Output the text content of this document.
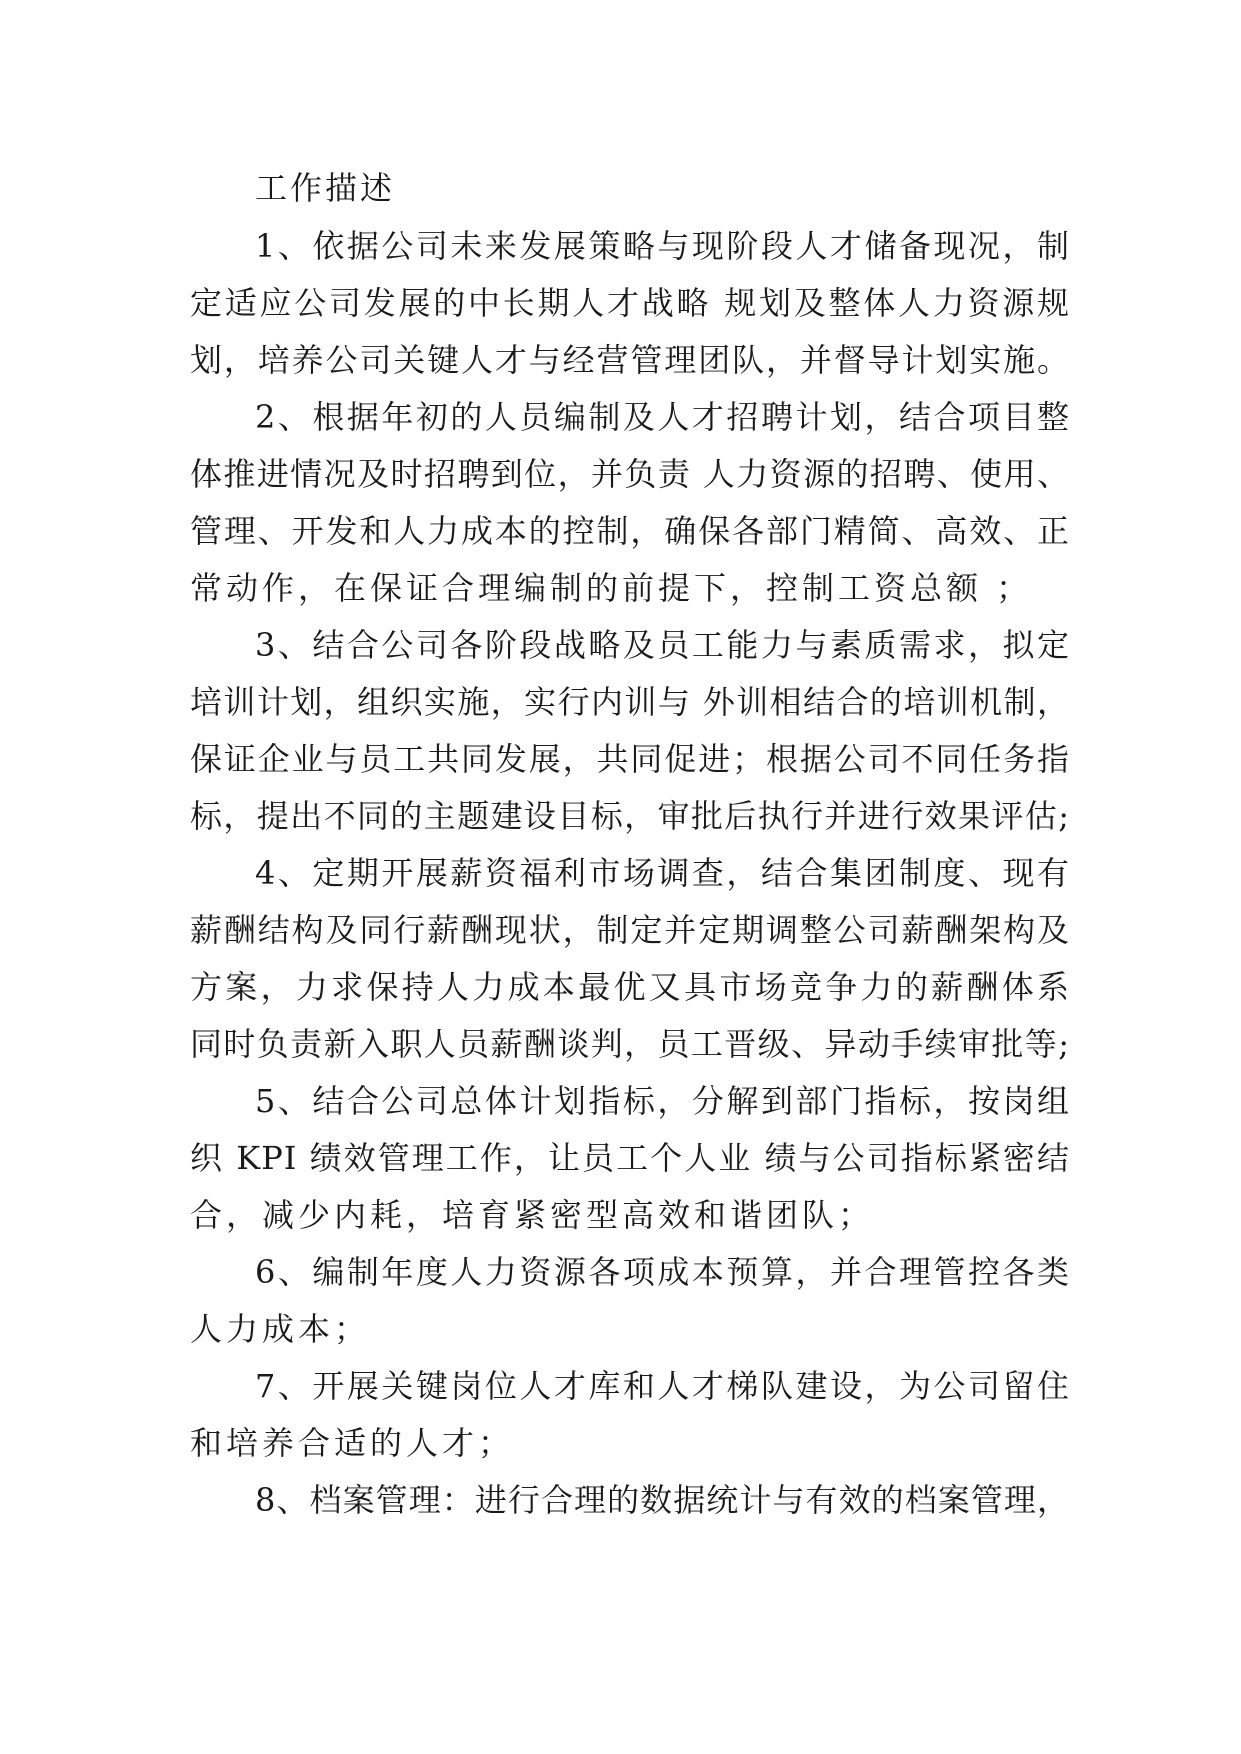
工作描述
1、依据公司未来发展策略与现阶段人才储备现况，制
定适应公司发展的中长期人才战略 规划及整体人力资源规
划，培养公司关键人才与经营管理团队，并督导计划实施。
2、根据年初的人员编制及人才招聘计划，结合项目整
体推进情况及时招聘到位，并负责 人力资源的招聘、使用、
管理、开发和人力成本的控制，确保各部门精简、高效、正
常动作，在保证合理编制的前提下，控制工资总额 ；
3、结合公司各阶段战略及员工能力与素质需求，拟定
培训计划，组织实施，实行内训与 外训相结合的培训机制，
保证企业与员工共同发展，共同促进；根据公司不同任务指
标，提出不同的主题建设目标，审批后执行并进行效果评估;
4、定期开展薪资福利市场调查，结合集团制度、现有
薪酬结构及同行薪酬现状，制定并定期调整公司薪酬架构及
方案，力求保持人力成本最优又具市场竞争力的薪酬体系
同时负责新入职人员薪酬谈判，员工晋级、异动手续审批等;
5、结合公司总体计划指标，分解到部门指标，按岗组
织 KPI 绩效管理工作，让员工个人业 绩与公司指标紧密结
合，减少内耗，培育紧密型高效和谐团队；
6、编制年度人力资源各项成本预算，并合理管控各类
人力成本；
7、开展关键岗位人才库和人才梯队建设，为公司留住
和培养合适的人才；
8、档案管理：进行合理的数据统计与有效的档案管理，
